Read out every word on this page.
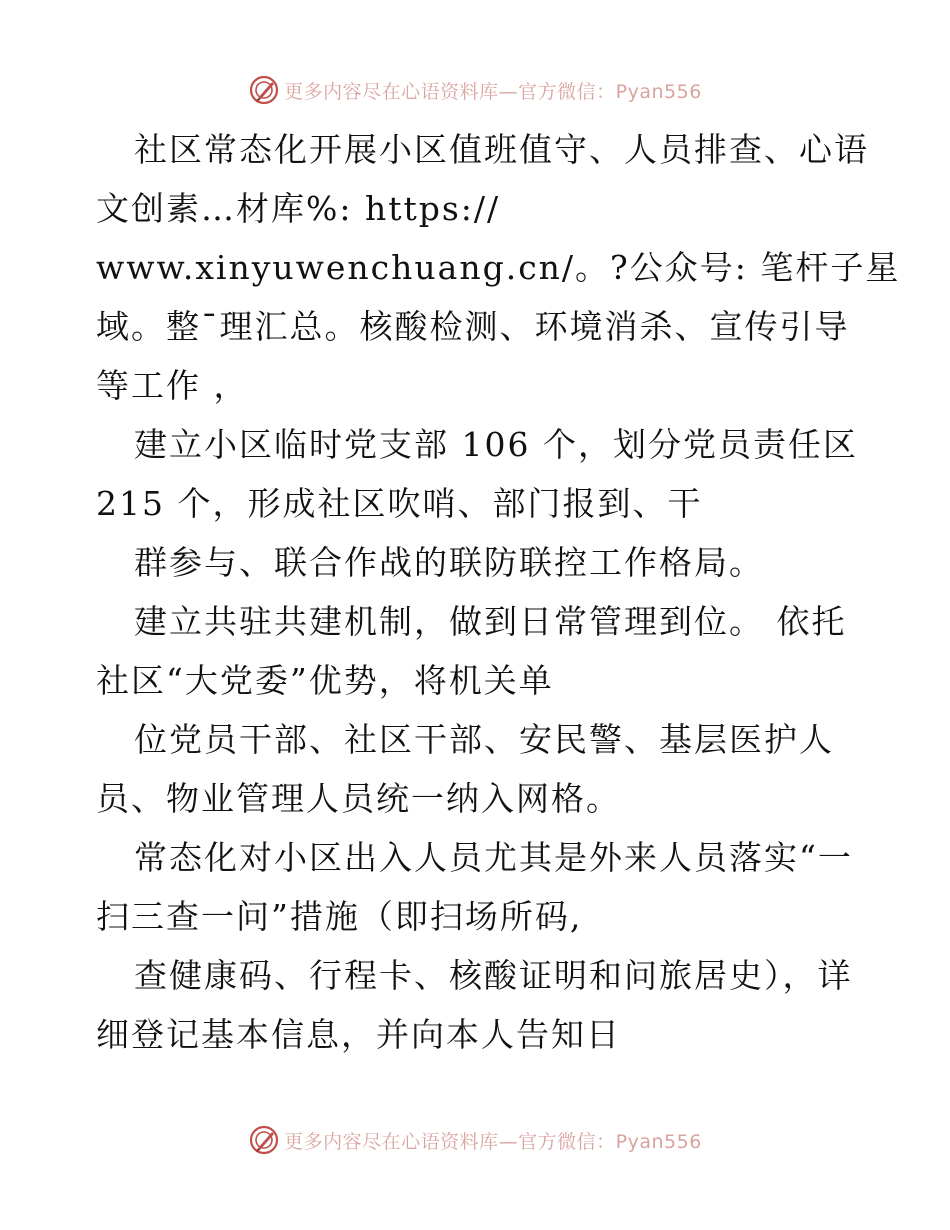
更多内容尽在心语资料库—官方微信：Pyan556
社区常态化开展小区值班值守、人员排查、心语
文创素…材库%: https://
www.xinyuwenchuang.cn/。?公众号: 笔杆子星
域。整¯理汇总。核酸检测、环境消杀、宣传引导
等工作 ，
建立小区临时党支部 106 个，划分党员责任区
215 个，形成社区吹哨、部门报到、干
群参与、联合作战的联防联控工作格局。
建立共驻共建机制，做到日常管理到位。 依托
社区“大党委”优势，将机关单
位党员干部、社区干部、安民警、基层医护人
员、物业管理人员统一纳入网格。
常态化对小区出入人员尤其是外来人员落实“一
扫三查一问”措施（即扫场所码,
查健康码、行程卡、核酸证明和问旅居史），详
细登记基本信息，并向本人告知日
更多内容尽在心语资料库—官方微信：Pyan556
